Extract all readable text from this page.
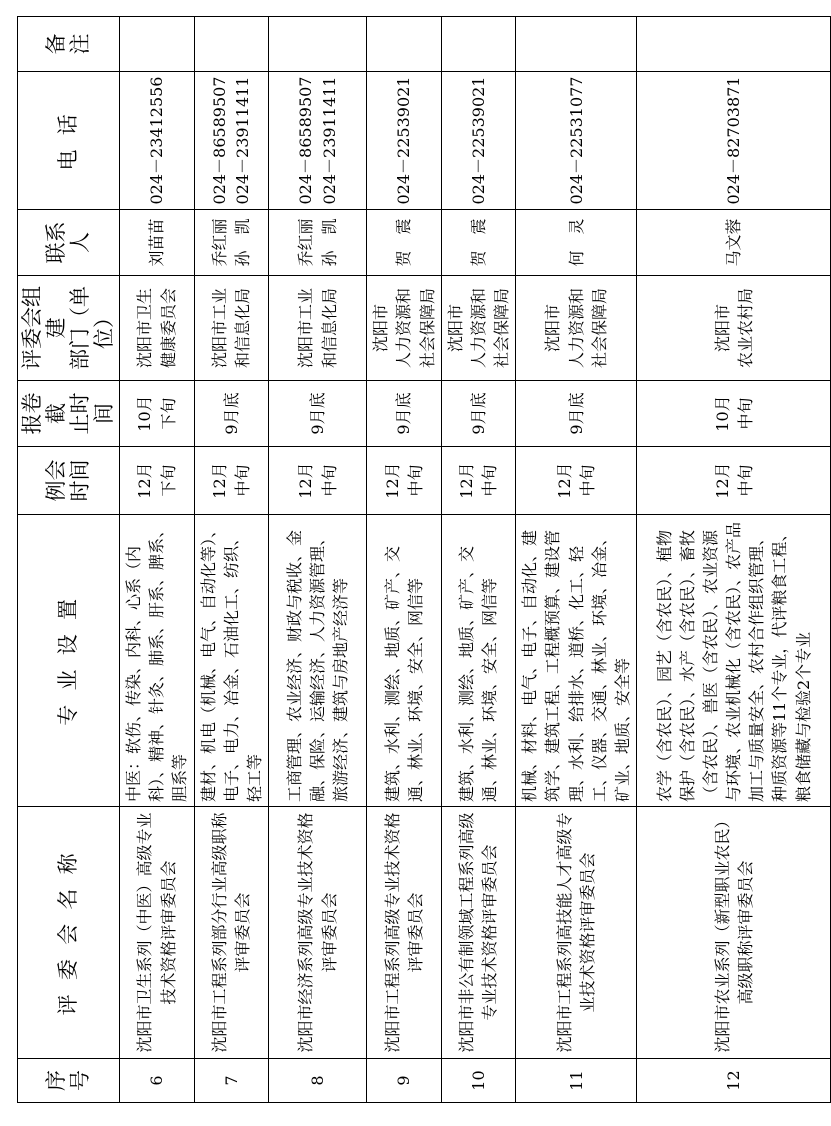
序号	评 委 会 名 称	专 业 设 置	例会
时间	报卷截
止时间	评委会组建
部门（单位）	联系人	电 话	备
注
6	沈阳市卫生系列（中医）高级专业技术资格评审委员会	中医：软伤、传染、内科、心系（内科）、精神、针灸、肺系、肝系、脾系、胆系等	12月
下旬	10月
下旬	沈阳市卫生
健康委员会	刘苗苗	024－23412556	
7	沈阳市工程系列部分行业高级职称评审委员会	建材、机电（机械、电气、自动化等）、电子、电力、冶金、石油化工、纺织、轻工等	12月
中旬	9月底	沈阳市工业
和信息化局	乔红丽
孙　凯	024－86589507
024－23911411	
8	沈阳市经济系列高级专业技术资格评审委员会	工商管理、农业经济、财政与税收、金融、保险、运输经济、人力资源管理、旅游经济、建筑与房地产经济等	12月
中旬	9月底	沈阳市工业
和信息化局	乔红丽
孙　凯	024－86589507
024－23911411	
9	沈阳市工程系列高级专业技术资格评审委员会	建筑、水利、测绘、地质、矿产、交通、林业、环境、安全、网信等	12月
中旬	9月底	沈阳市
人力资源和
社会保障局	贺　震	024－22539021	
10	沈阳市非公有制领域工程系列高级专业技术资格评审委员会	建筑、水利、测绘、地质、矿产、交通、林业、环境、安全、网信等	12月
中旬	9月底	沈阳市
人力资源和
社会保障局	贺　震	024－22539021	
11	沈阳市工程系列高技能人才高级专业技术资格评审委员会	机械、材料、电气、电子、自动化、建筑学、建筑工程、工程概预算、建设管理、水利、给排水、道桥、化工、轻工、仪器、交通、林业、环境、冶金、矿业、地质、安全等	12月
中旬	9月底	沈阳市
人力资源和
社会保障局	何　灵	024－22531077	
12	沈阳市农业系列（新型职业农民）高级职称评审委员会	农学（含农民）、园艺（含农民）、植物保护（含农民）、水产（含农民）、畜牧（含农民）、兽医（含农民）、农业资源与环境、农业机械化（含农民）、农产品加工与质量安全、农村合作组织管理、种质资源等11个专业，代评粮食工程、粮食储藏与检验2个专业	12月
中旬	10月
中旬	沈阳市
农业农村局	马文蓉	024－82703871	
